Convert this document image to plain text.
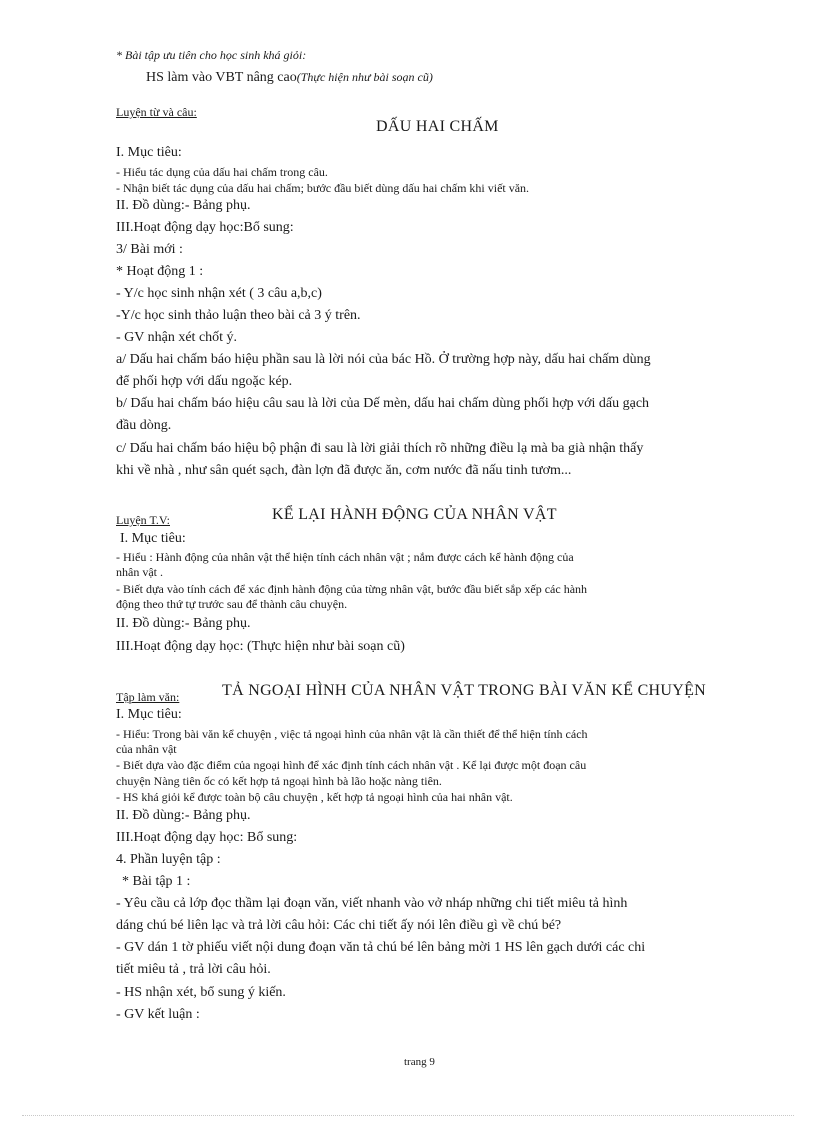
* Bài tập ưu tiên cho học sinh khá giỏi:
HS làm vào VBT nâng cao(Thực hiện như bài soạn cũ)
Luyện từ và câu:
DẤU HAI CHẤM
I. Mục tiêu:
- Hiểu tác dụng của dấu hai chấm trong câu.
- Nhận biết tác dụng của dấu hai chấm; bước đầu biết dùng dấu hai chấm khi viết văn.
II. Đồ dùng:- Bảng phụ.
III.Hoạt động dạy học:Bổ sung:
3/ Bài mới :
* Hoạt động 1 :
- Y/c học sinh nhận xét ( 3 câu a,b,c)
-Y/c học sinh thảo luận theo bài cả 3 ý trên.
- GV nhận xét chốt ý.
a/ Dấu hai chấm báo hiệu phần sau là lời nói của bác Hồ. Ở trường hợp này, dấu hai chấm dùng
để phối hợp với dấu ngoặc kép.
b/ Dấu hai chấm báo hiệu câu sau là lời của Dế mèn, dấu hai chấm dùng phối hợp với dấu gạch
đầu dòng.
c/ Dấu hai chấm báo hiệu bộ phận đi sau là lời giải thích rõ những điều lạ mà ba già nhận thấy
khi về nhà , như sân quét sạch, đàn lợn đã được ăn, cơm nước đã nấu tinh tươm...
Luyện T.V:	KỂ LẠI HÀNH ĐỘNG CỦA NHÂN VẬT
I. Mục tiêu:
- Hiểu : Hành động của nhân vật thể hiện tính cách nhân vật ; nắm được cách kể hành động của
nhân vật .
- Biết dựa vào tính cách để xác định hành động của từng nhân vật, bước đầu biết sắp xếp các hành
động theo thứ tự trước sau để thành câu chuyện.
II. Đồ dùng:- Bảng phụ.
III.Hoạt động dạy học: (Thực hiện như bài soạn cũ)
Tập làm văn:	TẢ NGOẠI HÌNH CỦA NHÂN VẬT TRONG BÀI VĂN KỂ CHUYỆN
I. Mục tiêu:
- Hiểu: Trong bài văn kể chuyện , việc tả ngoại hình của nhân vật là cần thiết để thể hiện tính cách
của nhân vật
- Biết dựa vào đặc điểm của ngoại hình để xác định tính cách nhân vật . Kể lại được một đoạn câu
chuyện Nàng tiên ốc có kết hợp tả ngoại hình bà lão hoặc nàng tiên.
- HS khá giỏi kể được toàn bộ câu chuyện , kết hợp tả ngoại hình của hai nhân vật.
II. Đồ dùng:- Bảng phụ.
III.Hoạt động dạy học: Bổ sung:
4. Phần luyện tập :
* Bài tập 1 :
- Yêu cầu cả lớp đọc thầm lại đoạn văn, viết nhanh vào vở nháp những chi tiết miêu tả hình
dáng chú bé liên lạc và trả lời câu hỏi: Các chi tiết ấy nói lên điều gì về chú bé?
- GV dán 1 tờ phiếu viết nội dung đoạn văn tả chú bé lên bảng mời 1 HS lên gạch dưới các chi
tiết miêu tả , trả lời câu hỏi.
- HS nhận xét, bổ sung ý kiến.
- GV kết luận :
trang 9
